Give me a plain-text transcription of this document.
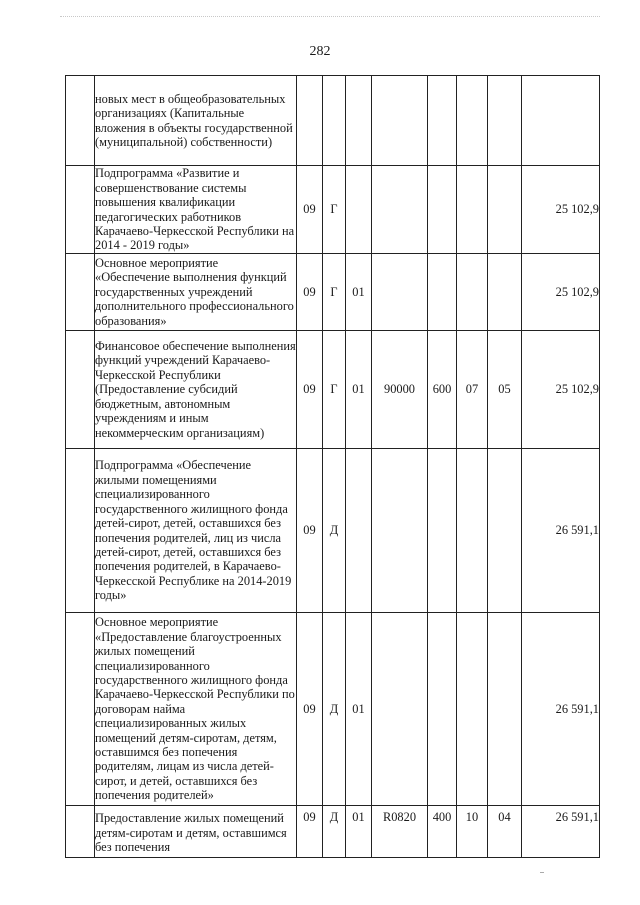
282

	новых мест в общеобразовательных организациях (Капитальные вложения в объекты государственной (муниципальной) собственности)								

	Подпрограмма «Развитие и совершенствование системы повышения квалификации педагогических работников Карачаево-Черкесской Республики на 2014 - 2019 годы»	09	Г						25 102,9

	Основное мероприятие «Обеспечение выполнения функций государственных учреждений дополнительного профессионального образования»	09	Г	01					25 102,9

	Финансовое обеспечение выполнения функций учреждений Карачаево-Черкесской Республики (Предоставление субсидий бюджетным, автономным учреждениям и иным некоммерческим организациям)	09	Г	01	90000	600	07	05	25 102,9

	Подпрограмма «Обеспечение жилыми помещениями специализированного государственного жилищного фонда детей-сирот, детей, оставшихся без попечения родителей, лиц из числа детей-сирот, детей, оставшихся без попечения родителей, в Карачаево-Черкесской Республике на 2014-2019 годы»	09	Д						26 591,1

	Основное мероприятие «Предоставление благоустроенных жилых помещений специализированного государственного жилищного фонда Карачаево-Черкесской Республики по договорам найма специализированных жилых помещений детям-сиротам, детям, оставшимся без попечения родителям, лицам из числа детей-сирот, и детей, оставшихся без попечения родителей»	09	Д	01					26 591,1

	Предоставление жилых помещений детям-сиротам и детям, оставшимся без попечения	09	Д	01	R0820	400	10	04	26 591,1
